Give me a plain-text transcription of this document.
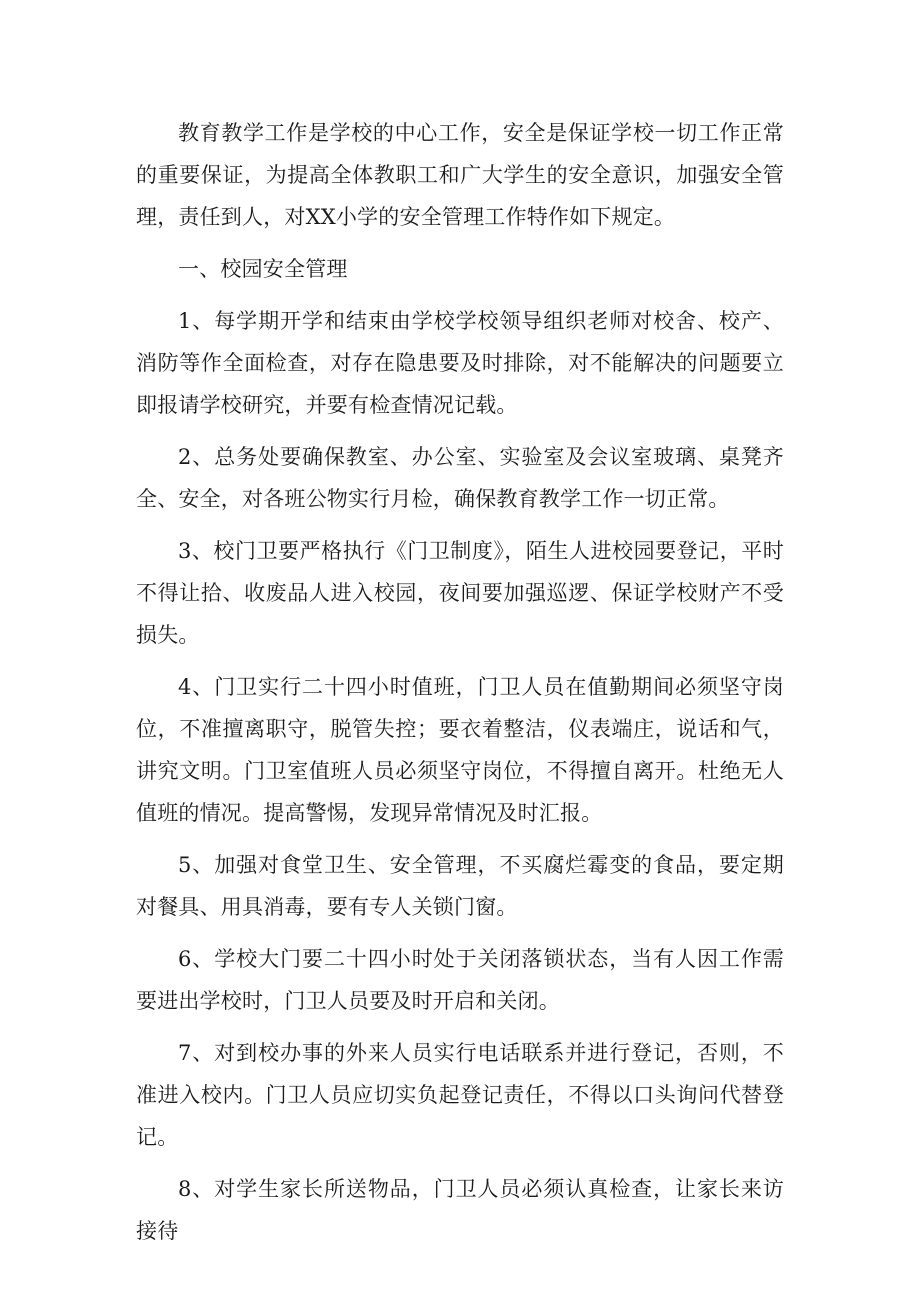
教育教学工作是学校的中心工作，安全是保证学校一切工作正常的重要保证，为提高全体教职工和广大学生的安全意识，加强安全管理，责任到人，对XX小学的安全管理工作特作如下规定。

一、校园安全管理

1、每学期开学和结束由学校学校领导组织老师对校舍、校产、消防等作全面检查，对存在隐患要及时排除，对不能解决的问题要立即报请学校研究，并要有检查情况记载。

2、总务处要确保教室、办公室、实验室及会议室玻璃、桌凳齐全、安全，对各班公物实行月检，确保教育教学工作一切正常。

3、校门卫要严格执行《门卫制度》，陌生人进校园要登记，平时不得让拾、收废品人进入校园，夜间要加强巡逻、保证学校财产不受损失。

4、门卫实行二十四小时值班，门卫人员在值勤期间必须坚守岗位，不准擅离职守，脱管失控；要衣着整洁，仪表端庄，说话和气，讲究文明。门卫室值班人员必须坚守岗位，不得擅自离开。杜绝无人值班的情况。提高警惕，发现异常情况及时汇报。

5、加强对食堂卫生、安全管理，不买腐烂霉变的食品，要定期对餐具、用具消毒，要有专人关锁门窗。

6、学校大门要二十四小时处于关闭落锁状态，当有人因工作需要进出学校时，门卫人员要及时开启和关闭。

7、对到校办事的外来人员实行电话联系并进行登记，否则，不准进入校内。门卫人员应切实负起登记责任，不得以口头询问代替登记。

8、对学生家长所送物品，门卫人员必须认真检查，让家长来访接待
